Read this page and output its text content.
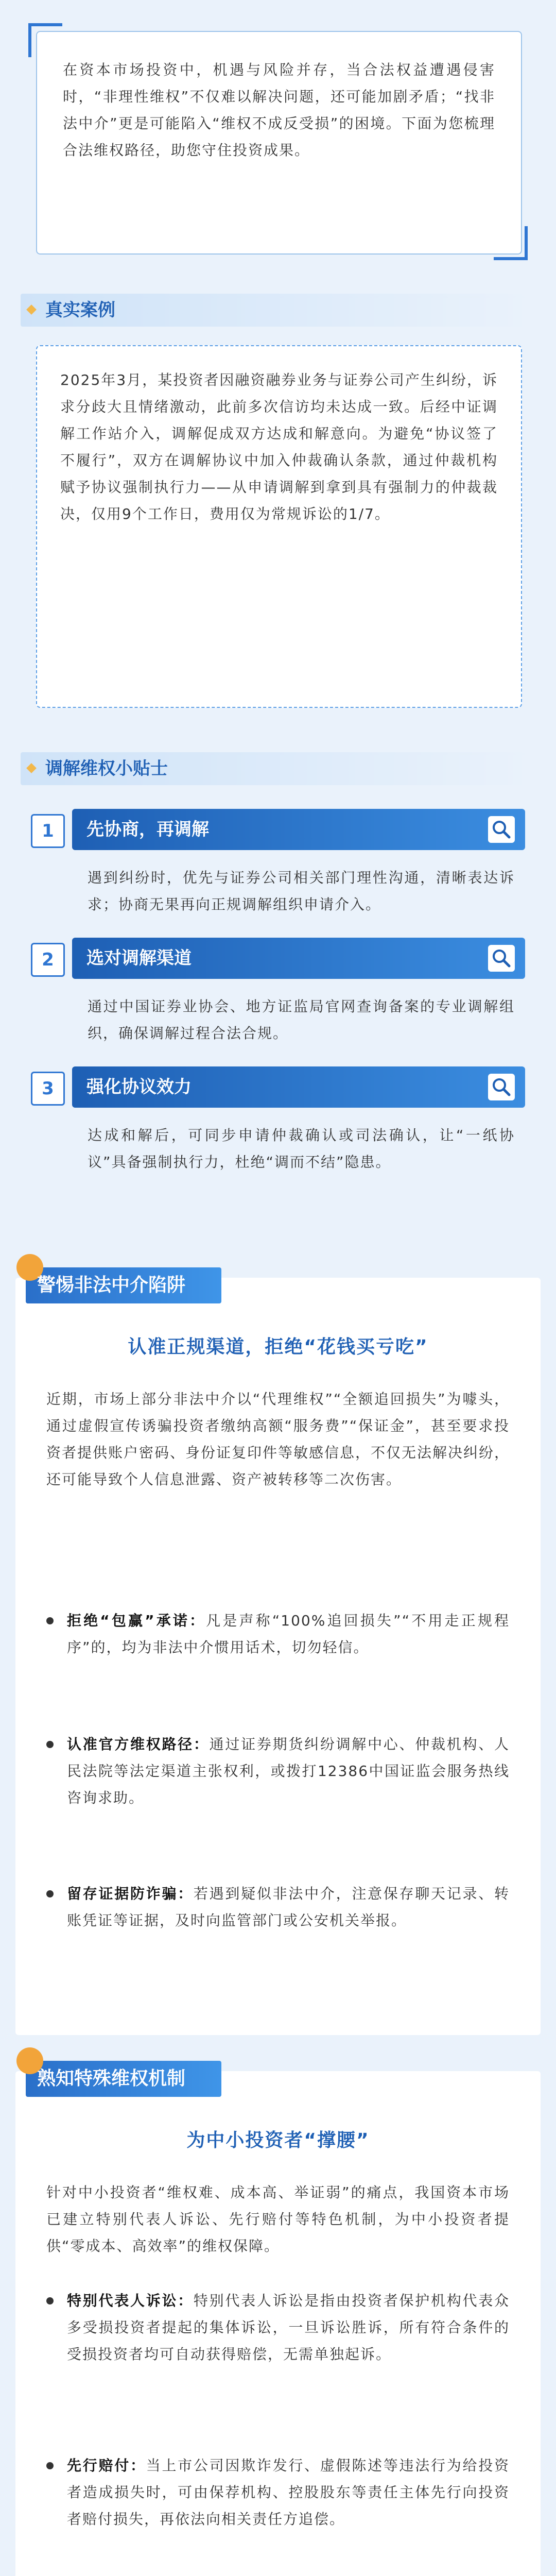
在资本市场投资中，机遇与风险并存，当合法权益遭遇侵害时，“非理性维权”不仅难以解决问题，还可能加剧矛盾；“找非法中介”更是可能陷入“维权不成反受损”的困境。下面为您梳理合法维权路径，助您守住投资成果。

真实案例

2025年3月，某投资者因融资融券业务与证券公司产生纠纷，诉求分歧大且情绪激动，此前多次信访均未达成一致。后经中证调解工作站介入，调解促成双方达成和解意向。为避免“协议签了不履行”，双方在调解协议中加入仲裁确认条款，通过仲裁机构赋予协议强制执行力——从申请调解到拿到具有强制力的仲裁裁决，仅用9个工作日，费用仅为常规诉讼的1/7。

调解维权小贴士
1	先协商，再调解

遇到纠纷时，优先与证券公司相关部门理性沟通，清晰表达诉求；协商无果再向正规调解组织申请介入。

2	选对调解渠道

通过中国证券业协会、地方证监局官网查询备案的专业调解组织，确保调解过程合法合规。

3	强化协议效力

达成和解后，可同步申请仲裁确认或司法确认，让“一纸协议”具备强制执行力，杜绝“调而不结”隐患。

警惕非法中介陷阱
认准正规渠道，拒绝“花钱买亏吃”

近期，市场上部分非法中介以“代理维权”“全额追回损失”为噱头，通过虚假宣传诱骗投资者缴纳高额“服务费”“保证金”，甚至要求投资者提供账户密码、身份证复印件等敏感信息，不仅无法解决纠纷，还可能导致个人信息泄露、资产被转移等二次伤害。

拒绝“包赢”承诺：凡是声称“100%追回损失”“不用走正规程序”的，均为非法中介惯用话术，切勿轻信。

认准官方维权路径：通过证券期货纠纷调解中心、仲裁机构、人民法院等法定渠道主张权利，或拨打12386中国证监会服务热线咨询求助。

留存证据防诈骗：若遇到疑似非法中介，注意保存聊天记录、转账凭证等证据，及时向监管部门或公安机关举报。

熟知特殊维权机制
为中小投资者“撑腰”

针对中小投资者“维权难、成本高、举证弱”的痛点，我国资本市场已建立特别代表人诉讼、先行赔付等特色机制，为中小投资者提供“零成本、高效率”的维权保障。

特别代表人诉讼：特别代表人诉讼是指由投资者保护机构代表众多受损投资者提起的集体诉讼，一旦诉讼胜诉，所有符合条件的受损投资者均可自动获得赔偿，无需单独起诉。

先行赔付：当上市公司因欺诈发行、虚假陈述等违法行为给投资者造成损失时，可由保荐机构、控股股东等责任主体先行向投资者赔付损失，再依法向相关责任方追偿。
